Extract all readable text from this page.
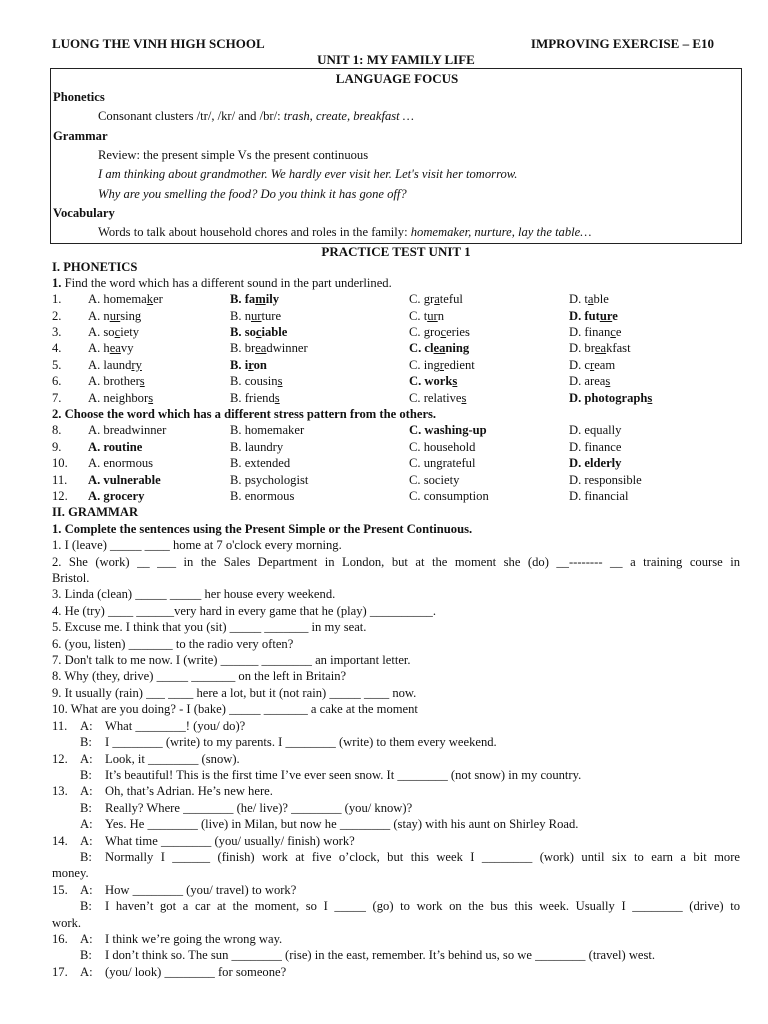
LUONG THE VINH HIGH SCHOOL	IMPROVING EXERCISE – E10
UNIT 1: MY FAMILY LIFE
LANGUAGE FOCUS
Phonetics
Consonant clusters /tr/, /kr/ and /br/: trash, create, breakfast …
Grammar
Review: the present simple Vs the present continuous
I am thinking about grandmother. We hardly ever visit her. Let's visit her tomorrow.
Why are you smelling the food? Do you think it has gone off?
Vocabulary
Words to talk about household chores and roles in the family: homemaker, nurture, lay the table…
PRACTICE TEST UNIT 1
I. PHONETICS
1. Find the word which has a different sound in the part underlined.
1. A. homemaker	B. family	C. grateful	D. table
2. A. nursing	B. nurture	C. turn	D. future
3. A. society	B. sociable	C. groceries	D. finance
4. A. heavy	B. breadwinner	C. cleaning	D. breakfast
5. A. laundry	B. iron	C. ingredient	D. cream
6. A. brothers	B. cousins	C. works	D. areas
7. A. neighbors	B. friends	C. relatives	D. photographs
2. Choose the word which has a different stress pattern from the others.
8. A. breadwinner	B. homemaker	C. washing-up	D. equally
9. A. routine	B. laundry	C. household	D. finance
10. A. enormous	B. extended	C. ungrateful	D. elderly
11. A. vulnerable	B. psychologist	C. society	D. responsible
12. A. grocery	B. enormous	C. consumption	D. financial
II. GRAMMAR
1. Complete the sentences using the Present Simple or the Present Continuous.
1. I (leave) _____ ____ home at 7 o'clock every morning.
2. She (work) __ ___ in the Sales Department in London, but at the moment she (do) __-------- __ a training course in
Bristol.
3. Linda (clean) _____ _____ her house every weekend.
4. He (try) ____ ______very hard in every game that he (play) __________.
5. Excuse me. I think that you (sit) _____ _______ in my seat.
6. (you, listen) _______ to the radio very often?
7. Don't talk to me now. I (write) ______ ________ an important letter.
8. Why (they, drive) _____ _______ on the left in Britain?
9. It usually (rain) ___ ____ here a lot, but it (not rain) _____ ____ now.
10. What are you doing? - I (bake) _____ _______ a cake at the moment
11. A: What ________! (you/ do)?
B: I ________ (write) to my parents. I ________ (write) to them every weekend.
12. A: Look, it ________ (snow).
B: It’s beautiful! This is the first time I’ve ever seen snow. It ________ (not snow) in my country.
13. A: Oh, that’s Adrian. He’s new here.
B: Really? Where ________ (he/ live)? ________ (you/ know)?
A: Yes. He ________ (live) in Milan, but now he ________ (stay) with his aunt on Shirley Road.
14. A: What time ________ (you/ usually/ finish) work?
B: Normally I ______ (finish) work at five o’clock, but this week I ________ (work) until six to earn a bit more
money.
15. A: How ________ (you/ travel) to work?
B: I haven’t got a car at the moment, so I _____ (go) to work on the bus this week. Usually I ________ (drive) to
work.
16. A: I think we’re going the wrong way.
B: I don’t think so. The sun ________ (rise) in the east, remember. It’s behind us, so we ________ (travel) west.
17. A: (you/ look) ________ for someone?
